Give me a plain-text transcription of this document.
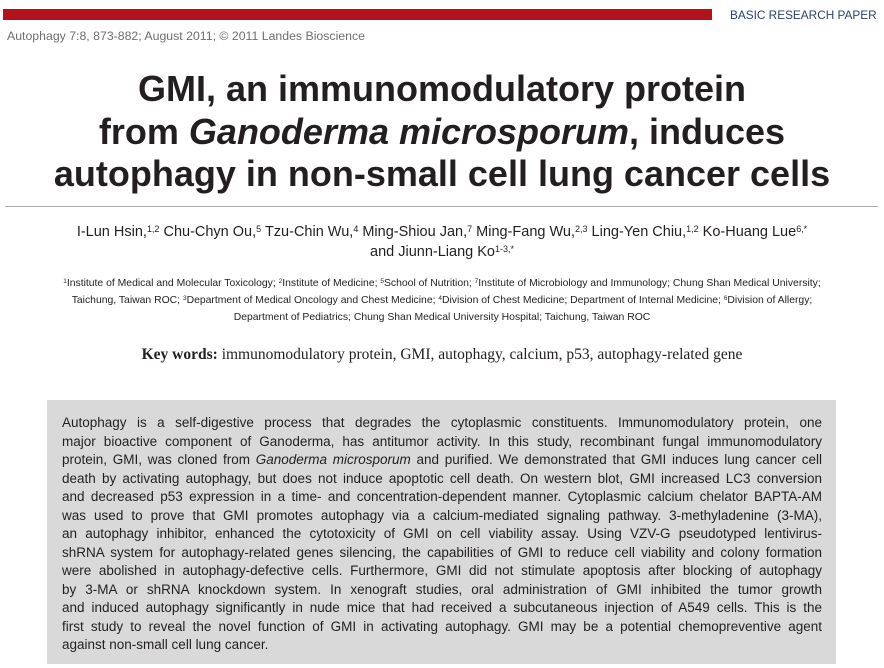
BASIC RESEARCH PAPER
Autophagy 7:8, 873-882; August 2011; © 2011 Landes Bioscience
GMI, an immunomodulatory protein
from Ganoderma microsporum, induces
autophagy in non-small cell lung cancer cells
I-Lun Hsin,$^{1,2}$ Chu-Chyn Ou,$^5$ Tzu-Chin Wu,$^4$ Ming-Shiou Jan,$^7$ Ming-Fang Wu,$^{2,3}$ Ling-Yen Chiu,$^{1,2}$ Ko-Huang Lue$^{6,*}$
and Jiunn-Liang $Ko^{1-3,*}$
$^1$Institute of Medical and Molecular Toxicology; $^2$Institute of Medicine; $^5$School of Nutrition; $^7$Institute of Microbiology and Immunology; Chung Shan Medical University;
Taichung, Taiwan ROC; $^3$Department of Medical Oncology and Chest Medicine; $^4$Division of Chest Medicine; Department of Internal Medicine; $^6$Division of Allergy;
Department of Pediatrics; Chung Shan Medical University Hospital; Taichung, Taiwan ROC
Key words: immunomodulatory protein, GMI, autophagy, calcium, p53, autophagy-related gene
Autophagy is a self-digestive process that degrades the cytoplasmic constituents. Immunomodulatory protein, one
major bioactive component of Ganoderma, has antitumor activity. In this study, recombinant fungal immunomodulatory
protein, GMI, was cloned from Ganoderma microsporum and purified. We demonstrated that GMI induces lung cancer cell
death by activating autophagy, but does not induce apoptotic cell death. On western blot, GMI increased LC3 conversion
and decreased p53 expression in a time- and concentration-dependent manner. Cytoplasmic calcium chelator BAPTA-AM
was used to prove that GMI promotes autophagy via a calcium-mediated signaling pathway. 3-methyladenine (3-MA),
an autophagy inhibitor, enhanced the cytotoxicity of GMI on cell viability assay. Using VZV-G pseudotyped lentivirus-
shRNA system for autophagy-related genes silencing, the capabilities of GMI to reduce cell viability and colony formation
were abolished in autophagy-defective cells. Furthermore, GMI did not stimulate apoptosis after blocking of autophagy
by 3-MA or shRNA knockdown system. In xenograft studies, oral administration of GMI inhibited the tumor growth
and induced autophagy significantly in nude mice that had received a subcutaneous injection of A549 cells. This is the
first study to reveal the novel function of GMI in activating autophagy. GMI may be a potential chemopreventive agent
against non-small cell lung cancer.
